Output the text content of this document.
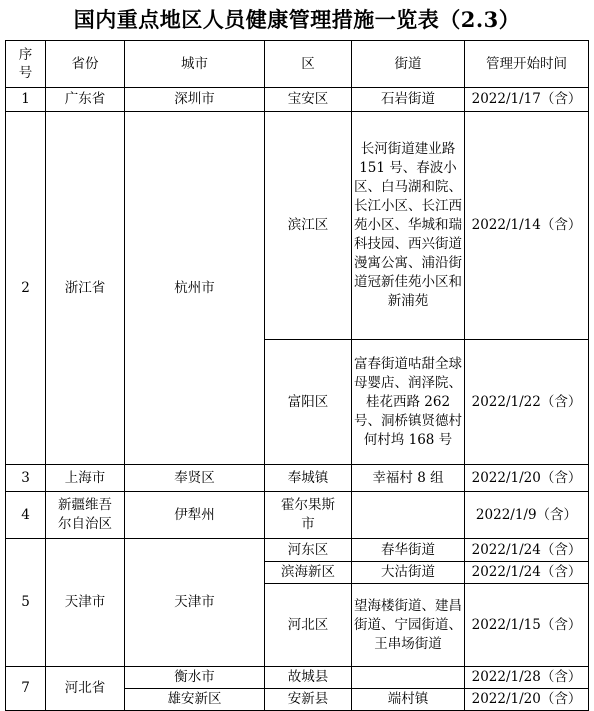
国内重点地区人员健康管理措施一览表（2.3）
序号	省份	城市	区	街道	管理开始时间
1	广东省	深圳市	宝安区	石岩街道	2022/1/17（含）
2	浙江省	杭州市	滨江区	长河街道建业路 151 号、春波小区、白马湖和院、长江小区、长江西苑小区、华城和瑞科技园、西兴街道漫寓公寓、浦沿街道冠新佳苑小区和新浦苑	2022/1/14（含）
			富阳区	富春街道咕甜全球母婴店、润泽院、桂花西路 262 号、洞桥镇贤德村何村坞 168 号	2022/1/22（含）
3	上海市	奉贤区	奉城镇	幸福村 8 组	2022/1/20（含）
4	新疆维吾尔自治区	伊犁州	霍尔果斯市		2022/1/9（含）
5	天津市	天津市	河东区	春华街道	2022/1/24（含）
			滨海新区	大沽街道	2022/1/24（含）
			河北区	望海楼街道、建昌街道、宁园街道、王串场街道	2022/1/15（含）
7	河北省	衡水市	故城县		2022/1/28（含）
		雄安新区	安新县	端村镇	2022/1/20（含）
